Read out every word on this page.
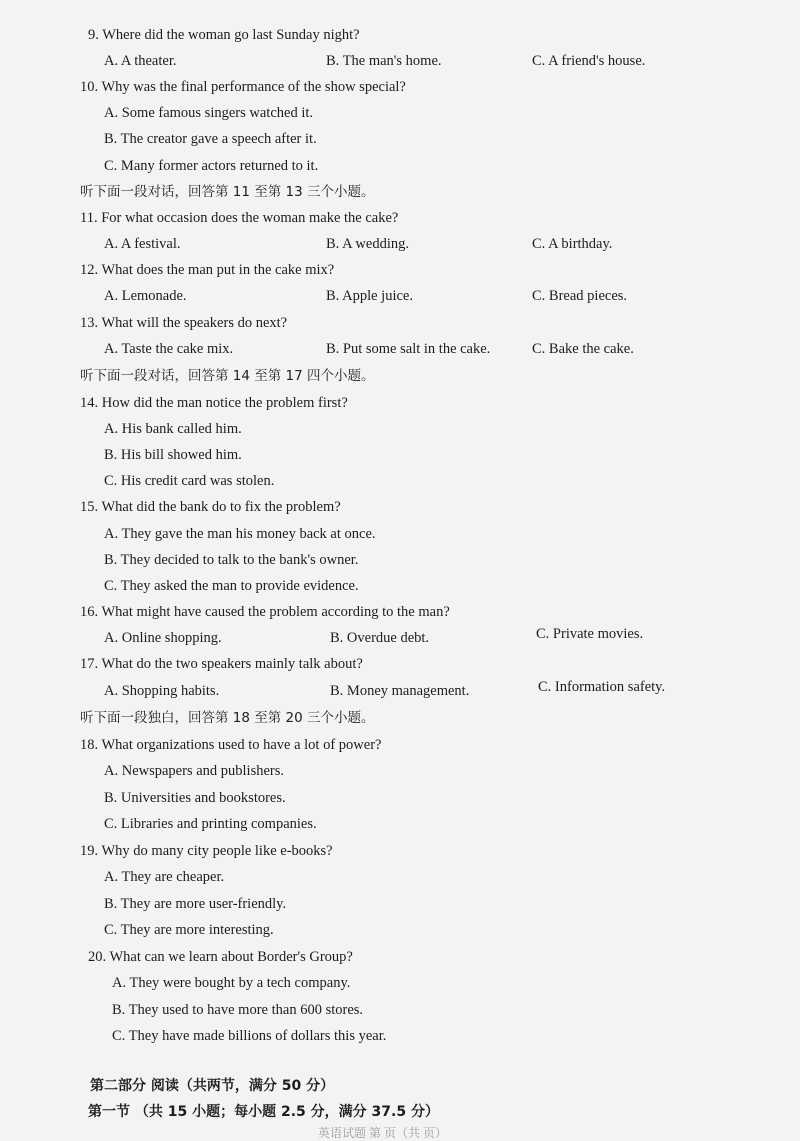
9. Where did the woman go last Sunday night?
A. A theater.	B. The man's home.	C. A friend's house.
10. Why was the final performance of the show special?
A. Some famous singers watched it.
B. The creator gave a speech after it.
C. Many former actors returned to it.
听下面一段对话，回答第 11 至第 13 三个小题。
11. For what occasion does the woman make the cake?
A. A festival.	B. A wedding.	C. A birthday.
12. What does the man put in the cake mix?
A. Lemonade.	B. Apple juice.	C. Bread pieces.
13. What will the speakers do next?
A. Taste the cake mix.	B. Put some salt in the cake.	C. Bake the cake.
听下面一段对话，回答第 14 至第 17 四个小题。
14. How did the man notice the problem first?
A. His bank called him.
B. His bill showed him.
C. His credit card was stolen.
15. What did the bank do to fix the problem?
A. They gave the man his money back at once.
B. They decided to talk to the bank's owner.
C. They asked the man to provide evidence.
16. What might have caused the problem according to the man?
A. Online shopping.	B. Overdue debt.	C. Private movies.
17. What do the two speakers mainly talk about?
A. Shopping habits.	B. Money management.	C. Information safety.
听下面一段独白，回答第 18 至第 20 三个小题。
18. What organizations used to have a lot of power?
A. Newspapers and publishers.
B. Universities and bookstores.
C. Libraries and printing companies.
19. Why do many city people like e-books?
A. They are cheaper.
B. They are more user-friendly.
C. They are more interesting.
20. What can we learn about Border's Group?
A. They were bought by a tech company.
B. They used to have more than 600 stores.
C. They have made billions of dollars this year.
第二部分 阅读（共两节，满分 50 分）
第一节 （共 15 小题；每小题 2.5 分，满分 37.5 分）
英语试题 第 页（共 页）
